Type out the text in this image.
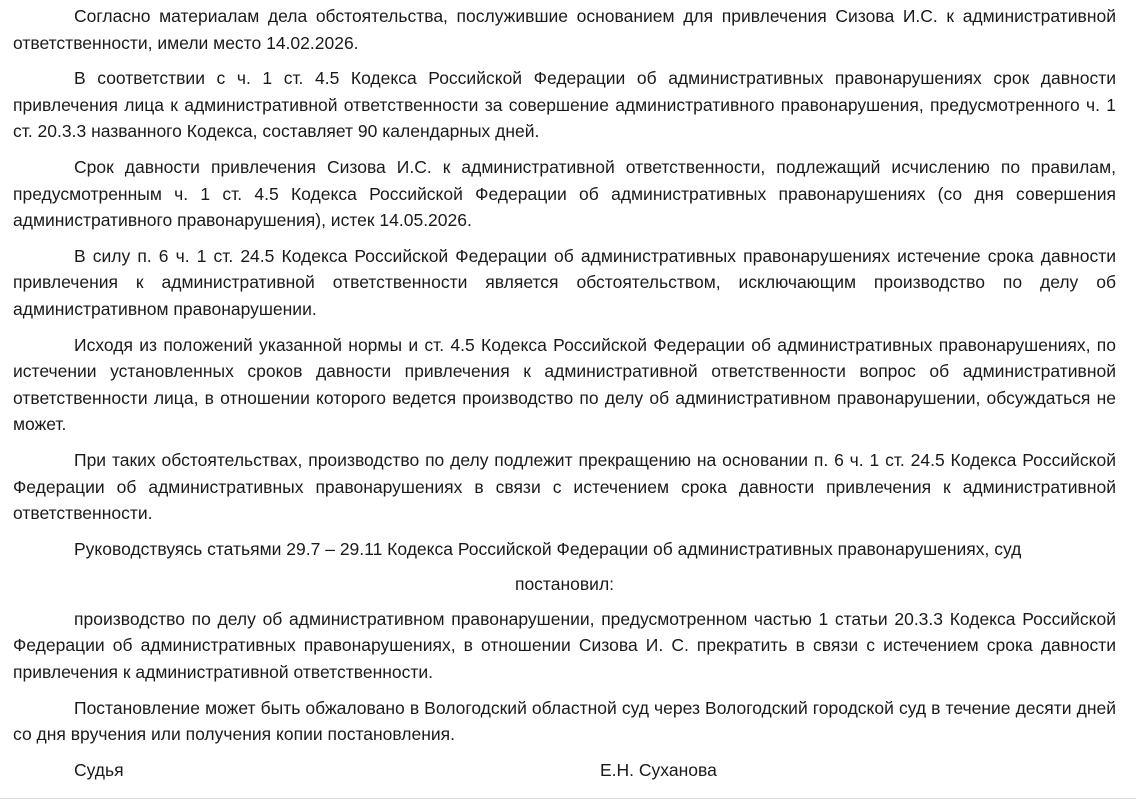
Согласно материалам дела обстоятельства, послужившие основанием для привлечения Сизова И.С. к административной ответственности, имели место 14.02.2026.

В соответствии с ч. 1 ст. 4.5 Кодекса Российской Федерации об административных правонарушениях срок давности привлечения лица к административной ответственности за совершение административного правонарушения, предусмотренного ч. 1 ст. 20.3.3 названного Кодекса, составляет 90 календарных дней.

Срок давности привлечения Сизова И.С. к административной ответственности, подлежащий исчислению по правилам, предусмотренным ч. 1 ст. 4.5 Кодекса Российской Федерации об административных правонарушениях (со дня совершения административного правонарушения), истек 14.05.2026.

В силу п. 6 ч. 1 ст. 24.5 Кодекса Российской Федерации об административных правонарушениях истечение срока давности привлечения к административной ответственности является обстоятельством, исключающим производство по делу об административном правонарушении.

Исходя из положений указанной нормы и ст. 4.5 Кодекса Российской Федерации об административных правонарушениях, по истечении установленных сроков давности привлечения к административной ответственности вопрос об административной ответственности лица, в отношении которого ведется производство по делу об административном правонарушении, обсуждаться не может.

При таких обстоятельствах, производство по делу подлежит прекращению на основании п. 6 ч. 1 ст. 24.5 Кодекса Российской Федерации об административных правонарушениях в связи с истечением срока давности привлечения к административной ответственности.

Руководствуясь статьями 29.7 – 29.11 Кодекса Российской Федерации об административных правонарушениях, суд

постановил:

производство по делу об административном правонарушении, предусмотренном частью 1 статьи 20.3.3 Кодекса Российской Федерации об административных правонарушениях, в отношении Сизова И. С. прекратить в связи с истечением срока давности привлечения к административной ответственности.

Постановление может быть обжаловано в Вологодский областной суд через Вологодский городской суд в течение десяти дней со дня вручения или получения копии постановления.

Судья	Е.Н. Суханова
